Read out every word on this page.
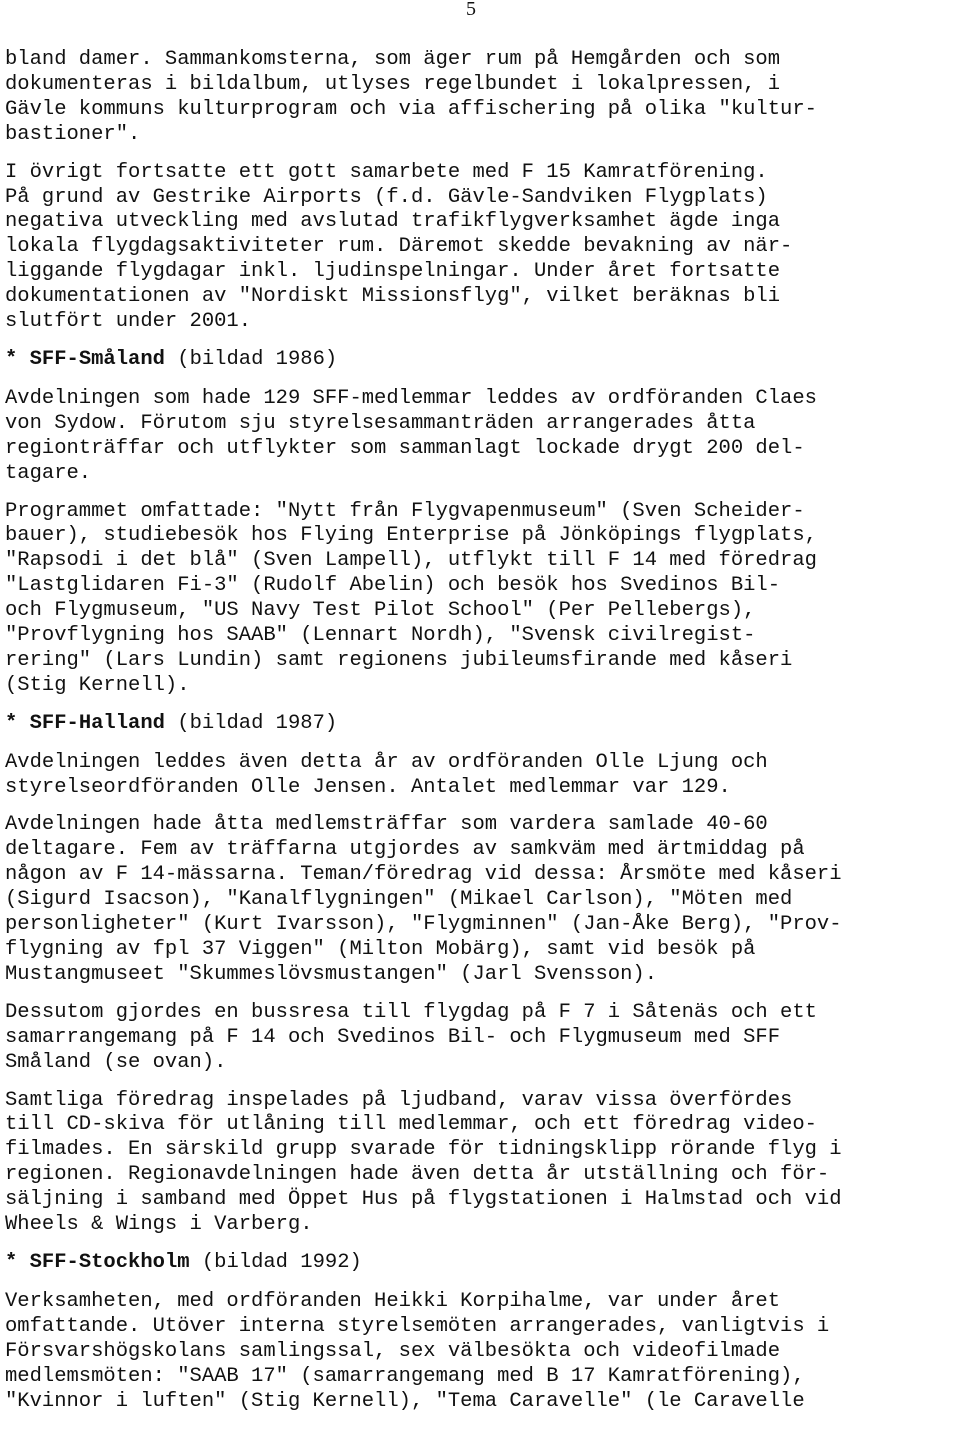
5
bland damer. Sammankomsterna, som äger rum på Hemgården och som
dokumenteras i bildalbum, utlyses regelbundet i lokalpressen, i
Gävle kommuns kulturprogram och via affischering på olika "kultur-
bastioner".
I övrigt fortsatte ett gott samarbete med F 15 Kamratförening.
På grund av Gestrike Airports (f.d. Gävle-Sandviken Flygplats)
negativa utveckling med avslutad trafikflygverksamhet ägde inga
lokala flygdagsaktiviteter rum. Däremot skedde bevakning av när-
liggande flygdagar inkl. ljudinspelningar. Under året fortsatte
dokumentationen av "Nordiskt Missionsflyg", vilket beräknas bli
slutfört under 2001.
* SFF-Småland (bildad 1986)
Avdelningen som hade 129 SFF-medlemmar leddes av ordföranden Claes
von Sydow. Förutom sju styrelsesammanträden arrangerades åtta
regionträffar och utflykter som sammanlagt lockade drygt 200 del-
tagare.
Programmet omfattade: "Nytt från Flygvapenmuseum" (Sven Scheider-
bauer), studiebesök hos Flying Enterprise på Jönköpings flygplats,
"Rapsodi i det blå" (Sven Lampell), utflykt till F 14 med föredrag
"Lastglidaren Fi-3" (Rudolf Abelin) och besök hos Svedinos Bil-
och Flygmuseum, "US Navy Test Pilot School" (Per Pellebergs),
"Provflygning hos SAAB" (Lennart Nordh), "Svensk civilregist-
rering" (Lars Lundin) samt regionens jubileumsfirande med kåseri
(Stig Kernell).
* SFF-Halland (bildad 1987)
Avdelningen leddes även detta år av ordföranden Olle Ljung och
styrelseordföranden Olle Jensen. Antalet medlemmar var 129.
Avdelningen hade åtta medlemsträffar som vardera samlade 40-60
deltagare. Fem av träffarna utgjordes av samkväm med ärtmiddag på
någon av F 14-mässarna. Teman/föredrag vid dessa: Årsmöte med kåseri
(Sigurd Isacson), "Kanalflygningen" (Mikael Carlson), "Möten med
personligheter" (Kurt Ivarsson), "Flygminnen" (Jan-Åke Berg), "Prov-
flygning av fpl 37 Viggen" (Milton Mobärg), samt vid besök på
Mustangmuseet "Skummeslövsmustangen" (Jarl Svensson).
Dessutom gjordes en bussresa till flygdag på F 7 i Såtenäs och ett
samarrangemang på F 14 och Svedinos Bil- och Flygmuseum med SFF
Småland (se ovan).
Samtliga föredrag inspelades på ljudband, varav vissa överfördes
till CD-skiva för utlåning till medlemmar, och ett föredrag video-
filmades. En särskild grupp svarade för tidningsklipp rörande flyg i
regionen. Regionavdelningen hade även detta år utställning och för-
säljning i samband med Öppet Hus på flygstationen i Halmstad och vid
Wheels & Wings i Varberg.
* SFF-Stockholm (bildad 1992)
Verksamheten, med ordföranden Heikki Korpihalme, var under året
omfattande. Utöver interna styrelsemöten arrangerades, vanligtvis i
Försvarshögskolans samlingssal, sex välbesökta och videofilmade
medlemsmöten: "SAAB 17" (samarrangemang med B 17 Kamratförening),
"Kvinnor i luften" (Stig Kernell), "Tema Caravelle" (le Caravelle
